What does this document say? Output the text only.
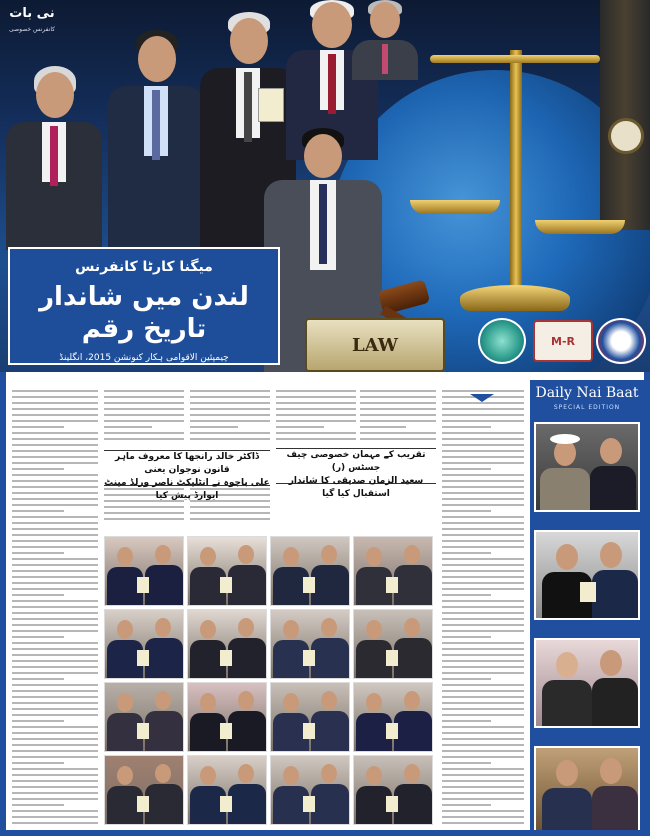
نی بات
کانفرنس خصوصی
LAW
میگنا کارٹا کانفرنس
لندن میں شاندار تاریخ رقم
چیمپئین الاقوامی ہکار کنونشن 2015، انگلینڈ
M-R
ڈاکٹر خالد رانجھا کا معروف ماہر قانون نوجوان یعنی
علی باجوہ نے انٹلیکٹ ناصر ورلڈ مینٹ ایوارڈ پیش کیا
تقریب کے مہمان خصوصی چیف جسٹس (ر)
سعید الزمان صدیقی کا شاندار استقبال کیا گیا
Daily Nai Baat
SPECIAL EDITION
